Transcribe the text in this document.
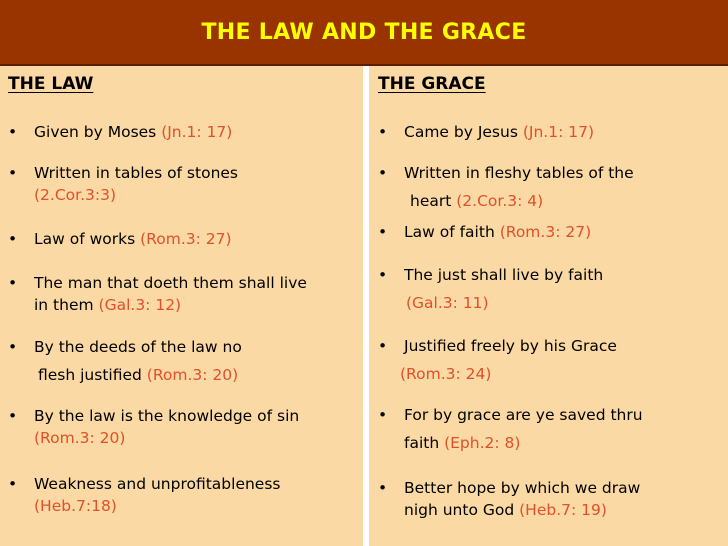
THE LAW AND THE GRACE
THE LAW
•	Given by Moses (Jn.1: 17)
•	Written in tables of stones
(2.Cor.3:3)
•	Law of works (Rom.3: 27)
•	The man that doeth them shall live
in them (Gal.3: 12)
•	By the deeds of the law no
flesh justified (Rom.3: 20)
•	By the law is the knowledge of sin
(Rom.3: 20)
•	Weakness and unprofitableness
(Heb.7:18)
THE GRACE
•	Came by Jesus (Jn.1: 17)
•	Written in fleshy tables of the
heart (2.Cor.3: 4)
•	Law of faith (Rom.3: 27)
•	The just shall live by faith
(Gal.3: 11)
•	Justified freely by his Grace
(Rom.3: 24)
•	For by grace are ye saved thru
faith (Eph.2: 8)
•	Better hope by which we draw
nigh unto God (Heb.7: 19)
